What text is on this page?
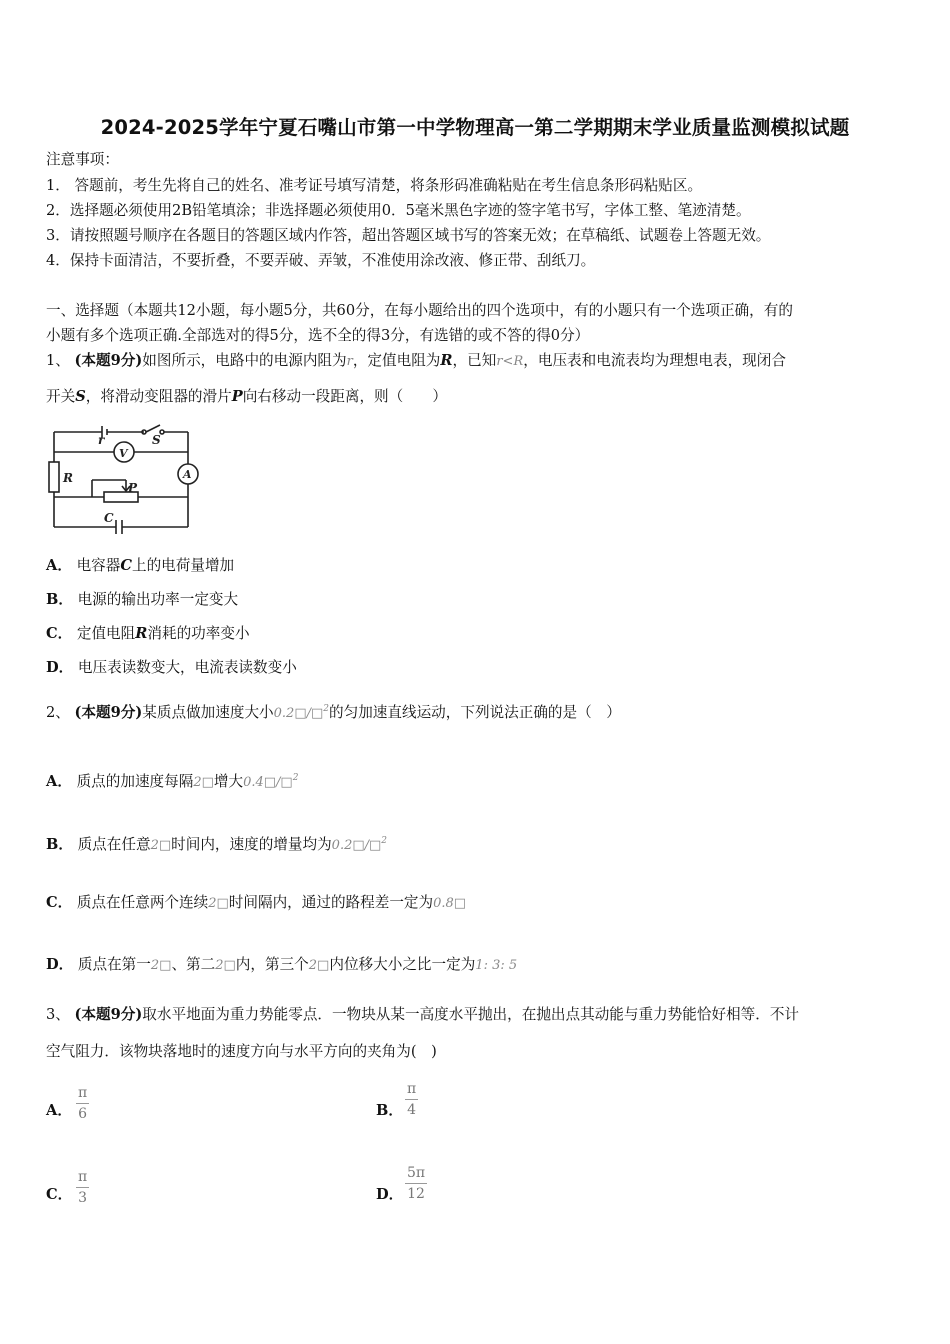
2024-2025学年宁夏石嘴山市第一中学物理高一第二学期期末学业质量监测模拟试题
注意事项：
1． 答题前，考生先将自己的姓名、准考证号填写清楚，将条形码准确粘贴在考生信息条形码粘贴区。
2．选择题必须使用2B铅笔填涂；非选择题必须使用0．5毫米黑色字迹的签字笔书写，字体工整、笔迹清楚。
3．请按照题号顺序在各题目的答题区域内作答，超出答题区域书写的答案无效；在草稿纸、试题卷上答题无效。
4．保持卡面清洁，不要折叠，不要弄破、弄皱，不准使用涂改液、修正带、刮纸刀。
一、选择题（本题共12小题，每小题5分，共60分，在每小题给出的四个选项中，有的小题只有一个选项正确，有的
小题有多个选项正确.全部选对的得5分，选不全的得3分，有选错的或不答的得0分）
1、 (本题9分)如图所示，电路中的电源内阻为r，定值电阻为R，已知r<R，电压表和电流表均为理想电表，现闭合
开关S，将滑动变阻器的滑片P向右移动一段距离，则（　　）
r	S
V
A
R
P
C
A． 电容器C上的电荷量增加
B． 电源的输出功率一定变大
C． 定值电阻R消耗的功率变小
D． 电压表读数变大，电流表读数变小
2、 (本题9分)某质点做加速度大小0.2□/□$^2$的匀加速直线运动，下列说法正确的是（　）
A． 质点的加速度每隔2□增大0.4□/□$^2$
B． 质点在任意2□时间内，速度的增量均为0.2□/□$^2$
C． 质点在任意两个连续2□时间隔内，通过的路程差一定为0.8□
D． 质点在第一2□、第二2□内，第三个2□内位移大小之比一定为1: 3: 5
3、 (本题9分)取水平地面为重力势能零点．一物块从某一高度水平抛出，在抛出点其动能与重力势能恰好相等．不计
空气阻力．该物块落地时的速度方向与水平方向的夹角为(　)
A． $\frac{\pi}{6}$	B． $\frac{\pi}{4}$
C． $\frac{\pi}{3}$	D． $\frac{5\pi}{12}$
